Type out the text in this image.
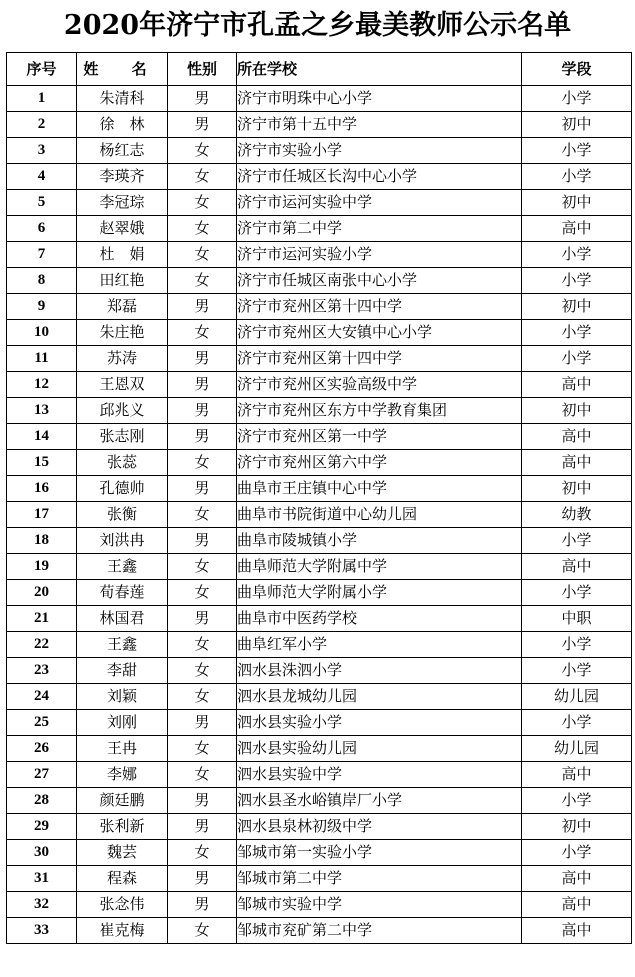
2020年济宁市孔孟之乡最美教师公示名单
序号	姓 名	性别	所在学校	学段
1	朱清科	男	济宁市明珠中心小学	小学
2	徐　林	男	济宁市第十五中学	初中
3	杨红志	女	济宁市实验小学	小学
4	李瑛齐	女	济宁市任城区长沟中心小学	小学
5	李冠琮	女	济宁市运河实验中学	初中
6	赵翠娥	女	济宁市第二中学	高中
7	杜　娟	女	济宁市运河实验小学	小学
8	田红艳	女	济宁市任城区南张中心小学	小学
9	郑磊	男	济宁市兖州区第十四中学	初中
10	朱庄艳	女	济宁市兖州区大安镇中心小学	小学
11	苏涛	男	济宁市兖州区第十四中学	小学
12	王恩双	男	济宁市兖州区实验高级中学	高中
13	邱兆义	男	济宁市兖州区东方中学教育集团	初中
14	张志刚	男	济宁市兖州区第一中学	高中
15	张蕊	女	济宁市兖州区第六中学	高中
16	孔德帅	男	曲阜市王庄镇中心中学	初中
17	张衡	女	曲阜市书院街道中心幼儿园	幼教
18	刘洪冉	男	曲阜市陵城镇小学	小学
19	王鑫	女	曲阜师范大学附属中学	高中
20	荀春莲	女	曲阜师范大学附属小学	小学
21	林国君	男	曲阜市中医药学校	中职
22	王鑫	女	曲阜红军小学	小学
23	李甜	女	泗水县洙泗小学	小学
24	刘颖	女	泗水县龙城幼儿园	幼儿园
25	刘刚	男	泗水县实验小学	小学
26	王冉	女	泗水县实验幼儿园	幼儿园
27	李娜	女	泗水县实验中学	高中
28	颜廷鹏	男	泗水县圣水峪镇岸厂小学	小学
29	张利新	男	泗水县泉林初级中学	初中
30	魏芸	女	邹城市第一实验小学	小学
31	程森	男	邹城市第二中学	高中
32	张念伟	男	邹城市实验中学	高中
33	崔克梅	女	邹城市兖矿第二中学	高中
